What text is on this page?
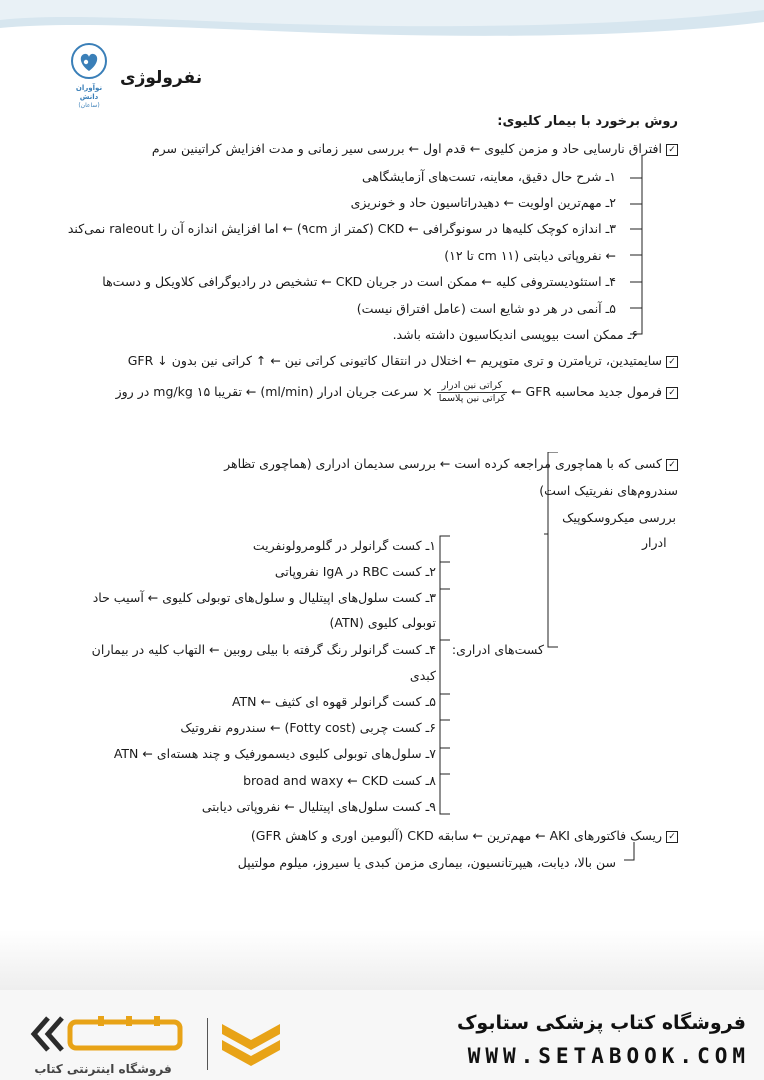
نوآوران دانش
(ساعان)
نفرولوژی
روش برخورد با بیمار کلیوی:
✓افتراق نارسایی حاد و مزمن کلیوی ← قدم اول ← بررسی سیر زمانی و مدت افزایش کراتینین سرم
۱ـ شرح حال دقیق، معاینه، تست‌های آزمایشگاهی
۲ـ مهم‌ترین اولویت ← دهیدراتاسیون حاد و خونریزی
۳ـ اندازه کوچک کلیه‌ها در سونوگرافی ← CKD (کمتر از ۹cm) ← اما افزایش اندازه آن را raleout نمی‌کند
← نفروپاتی دیابتی (۱۱ cm تا ۱۲)
۴ـ استئودیستروفی کلیه ← ممکن است در جریان CKD ← تشخیص در رادیوگرافی کلاویکل و دست‌ها
۵ـ آنمی در هر دو شایع است (عامل افتراق نیست)
۶ـ ممکن است بیوپسی اندیکاسیون داشته باشد.
✓سایمتیدین، تریامترن و تری متوپریم ← اختلال در انتقال کاتیونی کراتی نین ← ↑ کراتی نین بدون ↓ GFR
✓فرمول جدید محاسبه GFR ←
$\frac{\text{کراتی نین ادرار}}{\text{کراتی نین پلاسما}}$
× سرعت جریان ادرار (ml/min) ← تقریبا ۱۵ mg/kg در روز
✓کسی که با هماچوری مراجعه کرده است ← بررسی سدیمان ادراری (هماچوری تظاهر
سندروم‌های نفریتیک است)
بررسی میکروسکوپیک
ادرار
کست‌های ادراری:
۱ـ کست گرانولر در گلومرولونفریت
۲ـ کست RBC در IgA نفروپاتی
۳ـ کست سلول‌های اپیتلیال و سلول‌های توبولی کلیوی ← آسیب حاد
توبولی کلیوی (ATN)
۴ـ کست گرانولر رنگ گرفته با بیلی روبین ← التهاب کلیه در بیماران
کبدی
۵ـ کست گرانولر قهوه ای کثیف ← ATN
۶ـ کست چربی (Fotty cost) ← سندروم نفروتیک
۷ـ سلول‌های توبولی کلیوی دیسمورفیک و چند هسته‌ای ← ATN
۸ـ کست broad and waxy ← CKD
۹ـ کست سلول‌های اپیتلیال ← نفروپاتی دیابتی
✓ریسک فاکتورهای AKI ← مهم‌ترین ← سابقه CKD (آلبومین اوری و کاهش GFR)
سن بالا، دیابت، هیپرتانسیون، بیماری مزمن کبدی یا سیروز، میلوم مولتیپل
فروشگاه اینترنتی کتاب
فروشگاه کتاب پزشکی ستابوک
WWW.SETABOOK.COM
